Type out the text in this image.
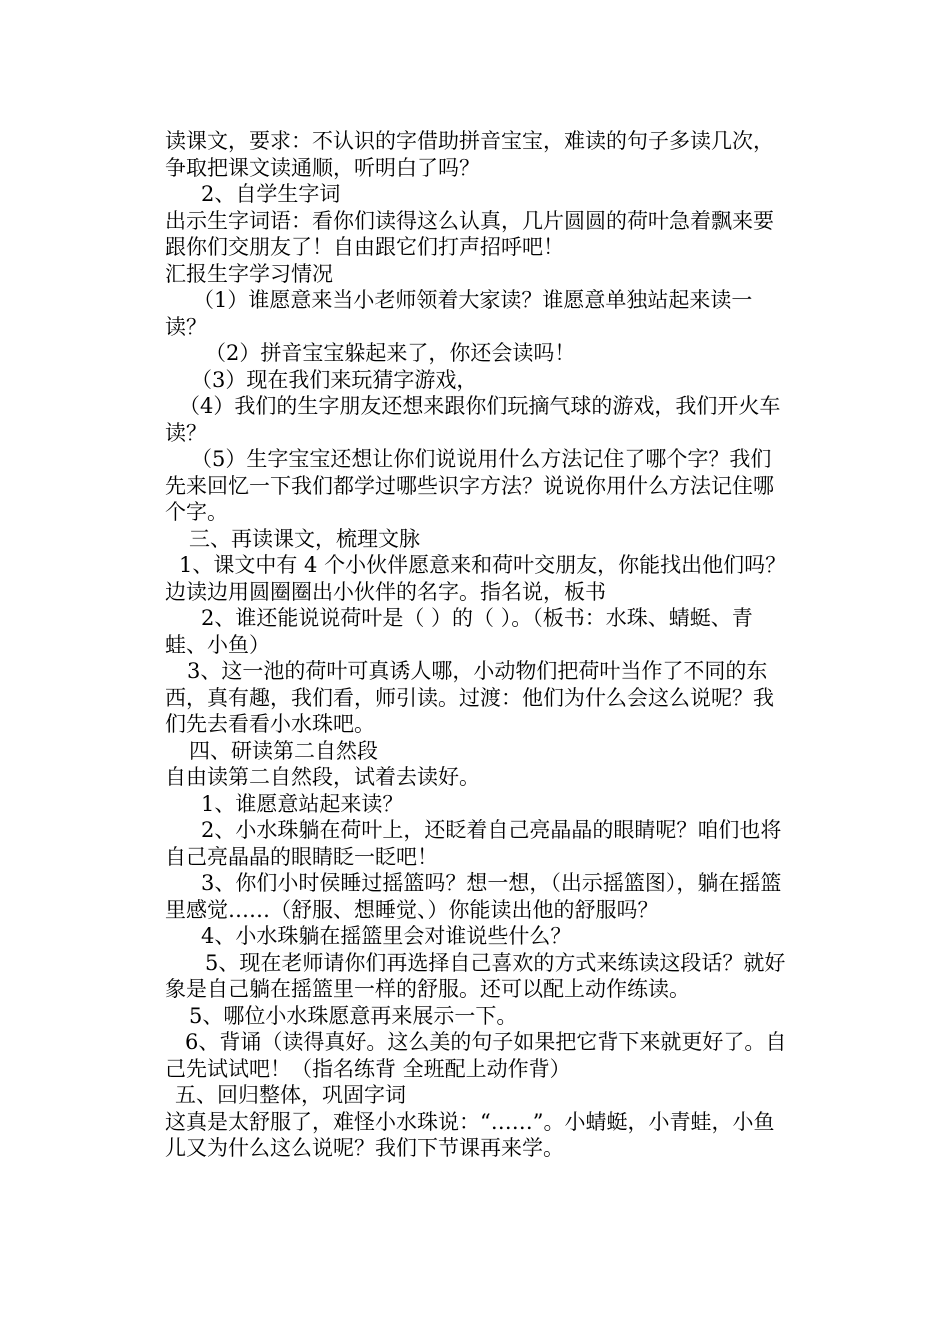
读课文，要求：不认识的字借助拼音宝宝，难读的句子多读几次，争取把课文读通顺，听明白了吗？

2、自学生字词

出示生字词语：看你们读得这么认真，几片圆圆的荷叶急着飘来要跟你们交朋友了！自由跟它们打声招呼吧！

汇报生字学习情况

（1）谁愿意来当小老师领着大家读？谁愿意单独站起来读一读？

（2）拼音宝宝躲起来了，你还会读吗！

（3）现在我们来玩猜字游戏，

（4）我们的生字朋友还想来跟你们玩摘气球的游戏，我们开火车读？

（5）生字宝宝还想让你们说说用什么方法记住了哪个字？我们先来回忆一下我们都学过哪些识字方法？说说你用什么方法记住哪个字。

三、再读课文，梳理文脉

1、课文中有 4 个小伙伴愿意来和荷叶交朋友，你能找出他们吗？

边读边用圆圈圈出小伙伴的名字。指名说，板书

2、谁还能说说荷叶是（ ）的（ ）。（板书：水珠、蜻蜓、青蛙、小鱼）

3、这一池的荷叶可真诱人哪，小动物们把荷叶当作了不同的东西，真有趣，我们看，师引读。过渡：他们为什么会这么说呢？我们先去看看小水珠吧。

四、研读第二自然段

自由读第二自然段，试着去读好。

1、谁愿意站起来读？

2、小水珠躺在荷叶上，还眨着自己亮晶晶的眼睛呢？咱们也将自己亮晶晶的眼睛眨一眨吧！

3、你们小时侯睡过摇篮吗？想一想，（出示摇篮图），躺在摇篮里感觉……（舒服、想睡觉、）你能读出他的舒服吗？

4、小水珠躺在摇篮里会对谁说些什么？

5、现在老师请你们再选择自己喜欢的方式来练读这段话？就好象是自己躺在摇篮里一样的舒服。还可以配上动作练读。

5、哪位小水珠愿意再来展示一下。

6、背诵（读得真好。这么美的句子如果把它背下来就更好了。自己先试试吧！（指名练背 全班配上动作背）

五、回归整体，巩固字词

这真是太舒服了，难怪小水珠说：“……”。小蜻蜓，小青蛙，小鱼儿又为什么这么说呢？我们下节课再来学。
